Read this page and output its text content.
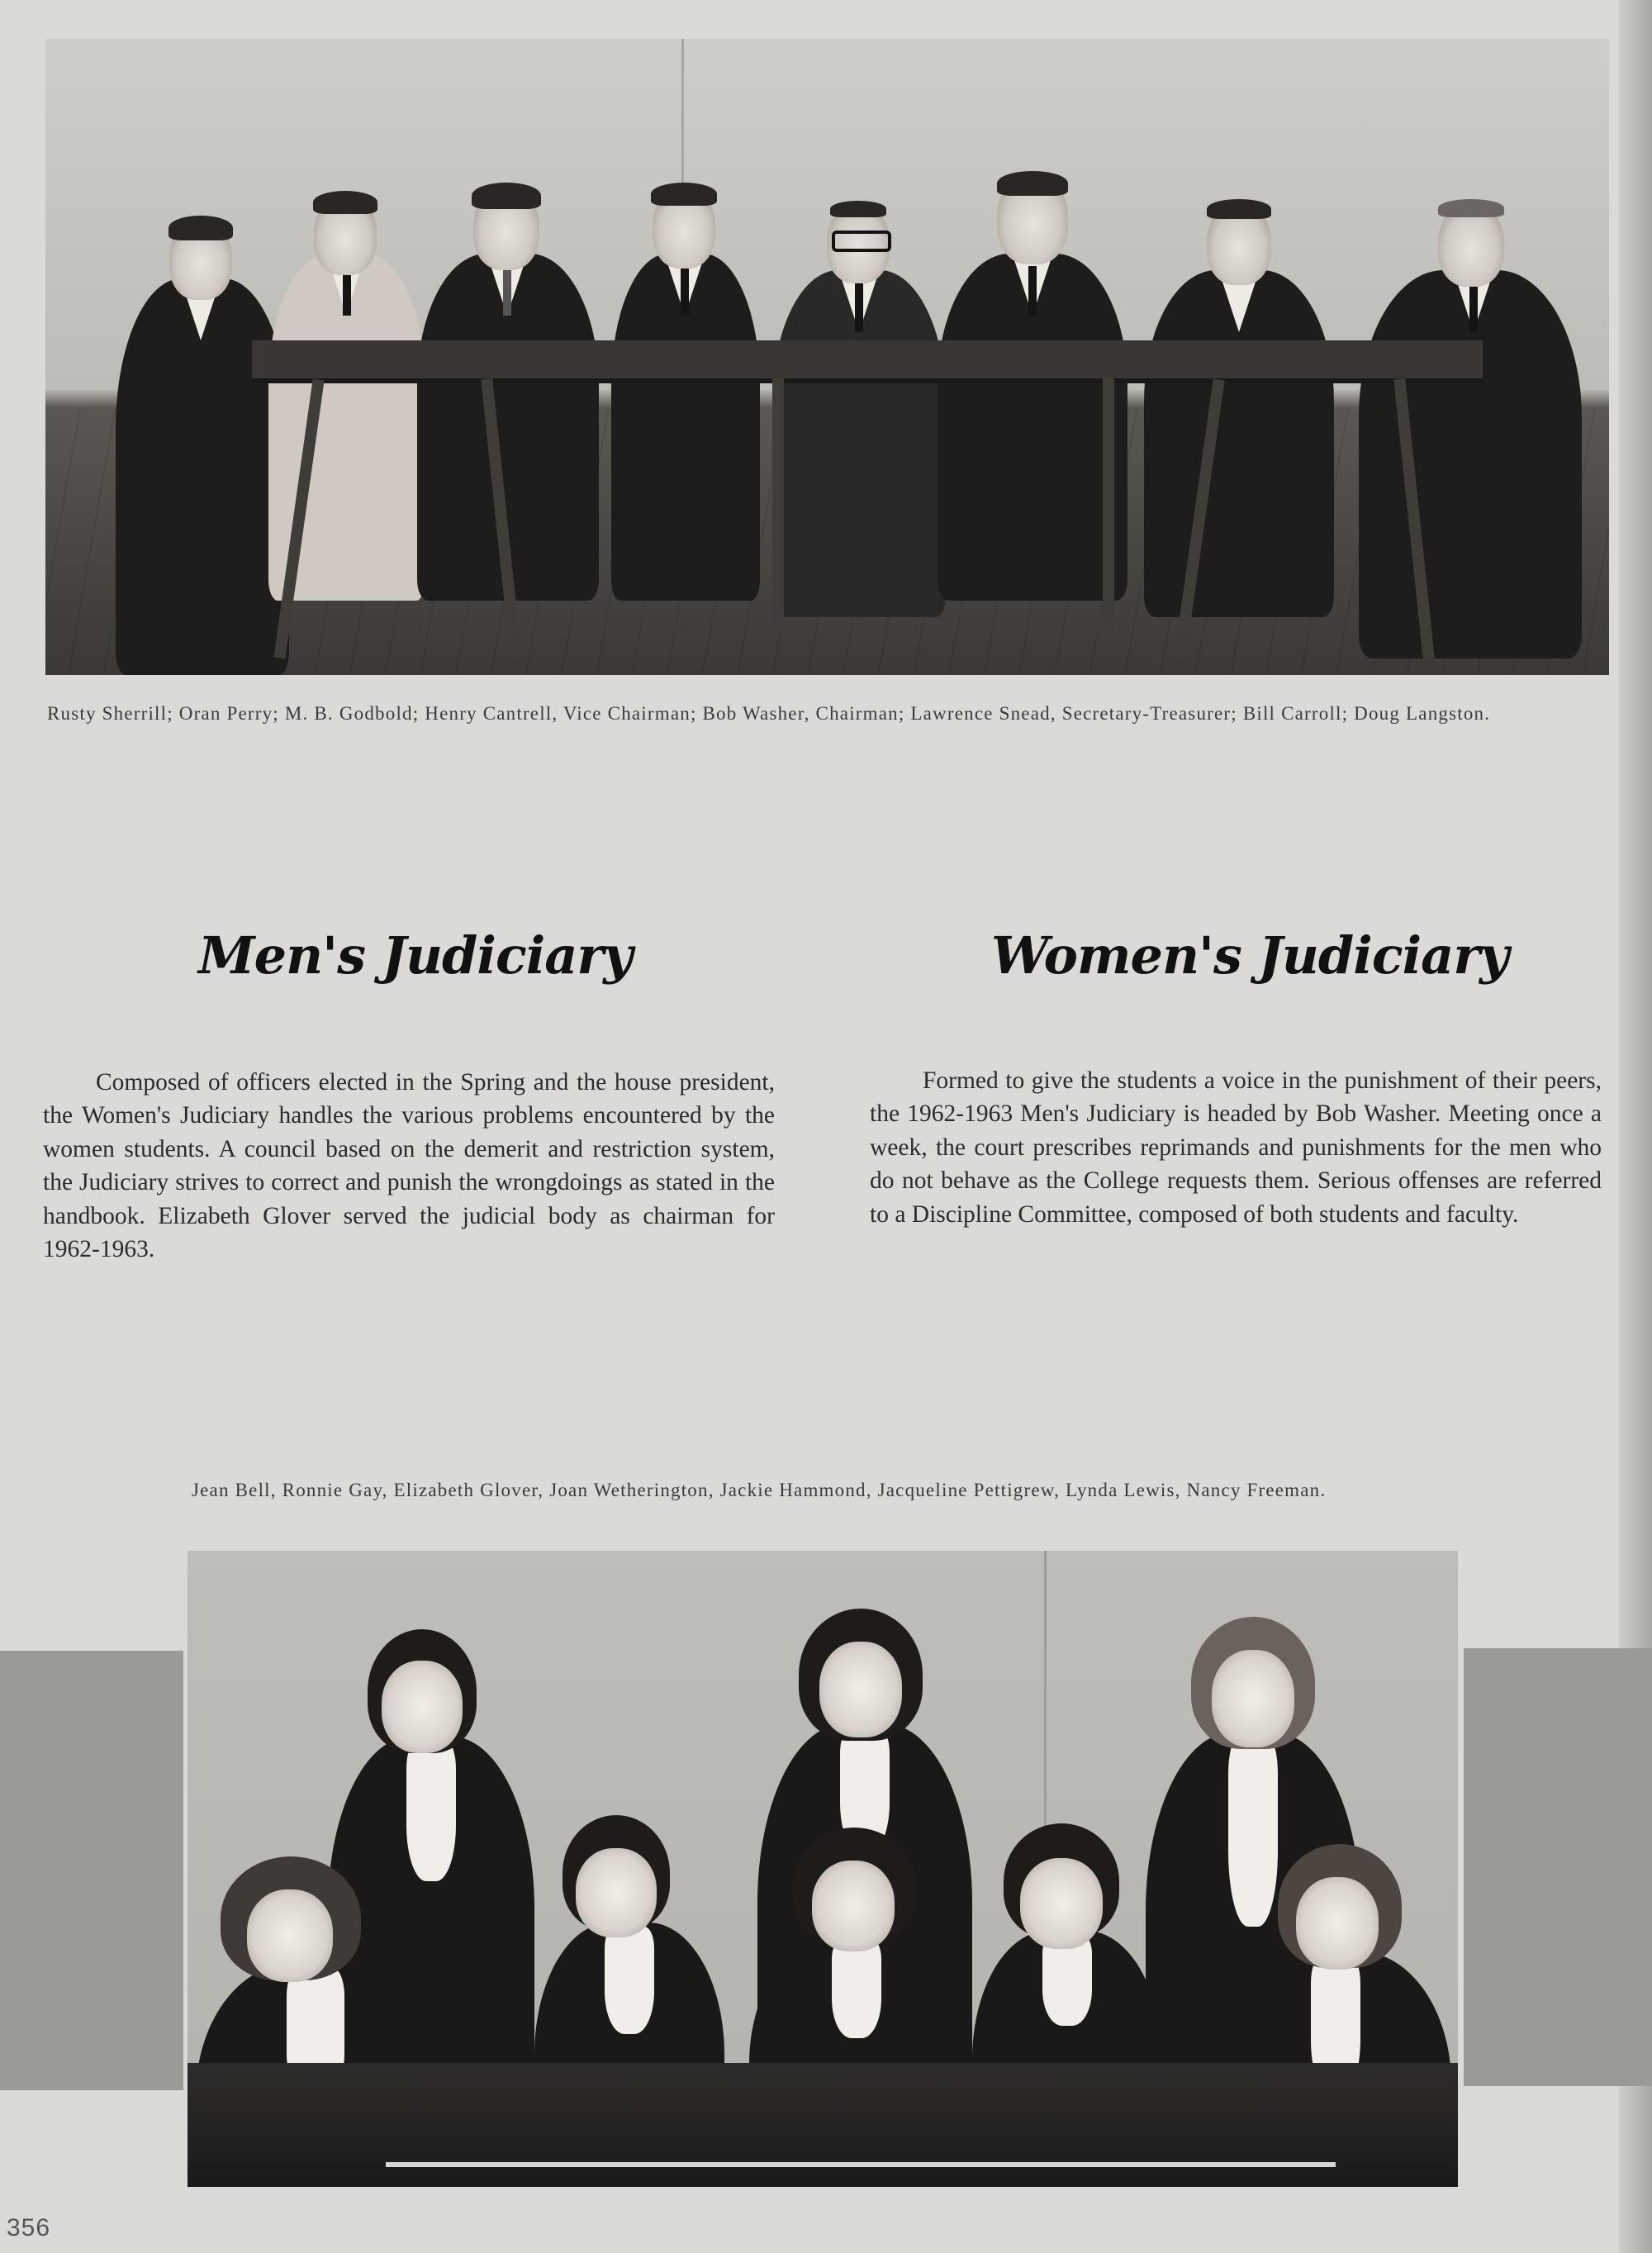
Rusty Sherrill; Oran Perry; M. B. Godbold; Henry Cantrell, Vice Chairman; Bob Washer, Chairman; Lawrence Snead, Secretary-Treasurer; Bill Carroll; Doug Langston.
Men's Judiciary	Women's Judiciary

Composed of officers elected in the Spring and the house president, the Women's Judiciary handles the various problems encountered by the women students. A council based on the demerit and restriction system, the Judiciary strives to correct and punish the wrongdoings as stated in the handbook. Elizabeth Glover served the judicial body as chairman for 1962-1963.

Formed to give the students a voice in the punishment of their peers, the 1962-1963 Men's Judiciary is headed by Bob Washer. Meeting once a week, the court prescribes reprimands and punishments for the men who do not behave as the College requests them. Serious offenses are referred to a Discipline Committee, composed of both students and faculty.

Jean Bell, Ronnie Gay, Elizabeth Glover, Joan Wetherington, Jackie Hammond, Jacqueline Pettigrew, Lynda Lewis, Nancy Freeman.
356
